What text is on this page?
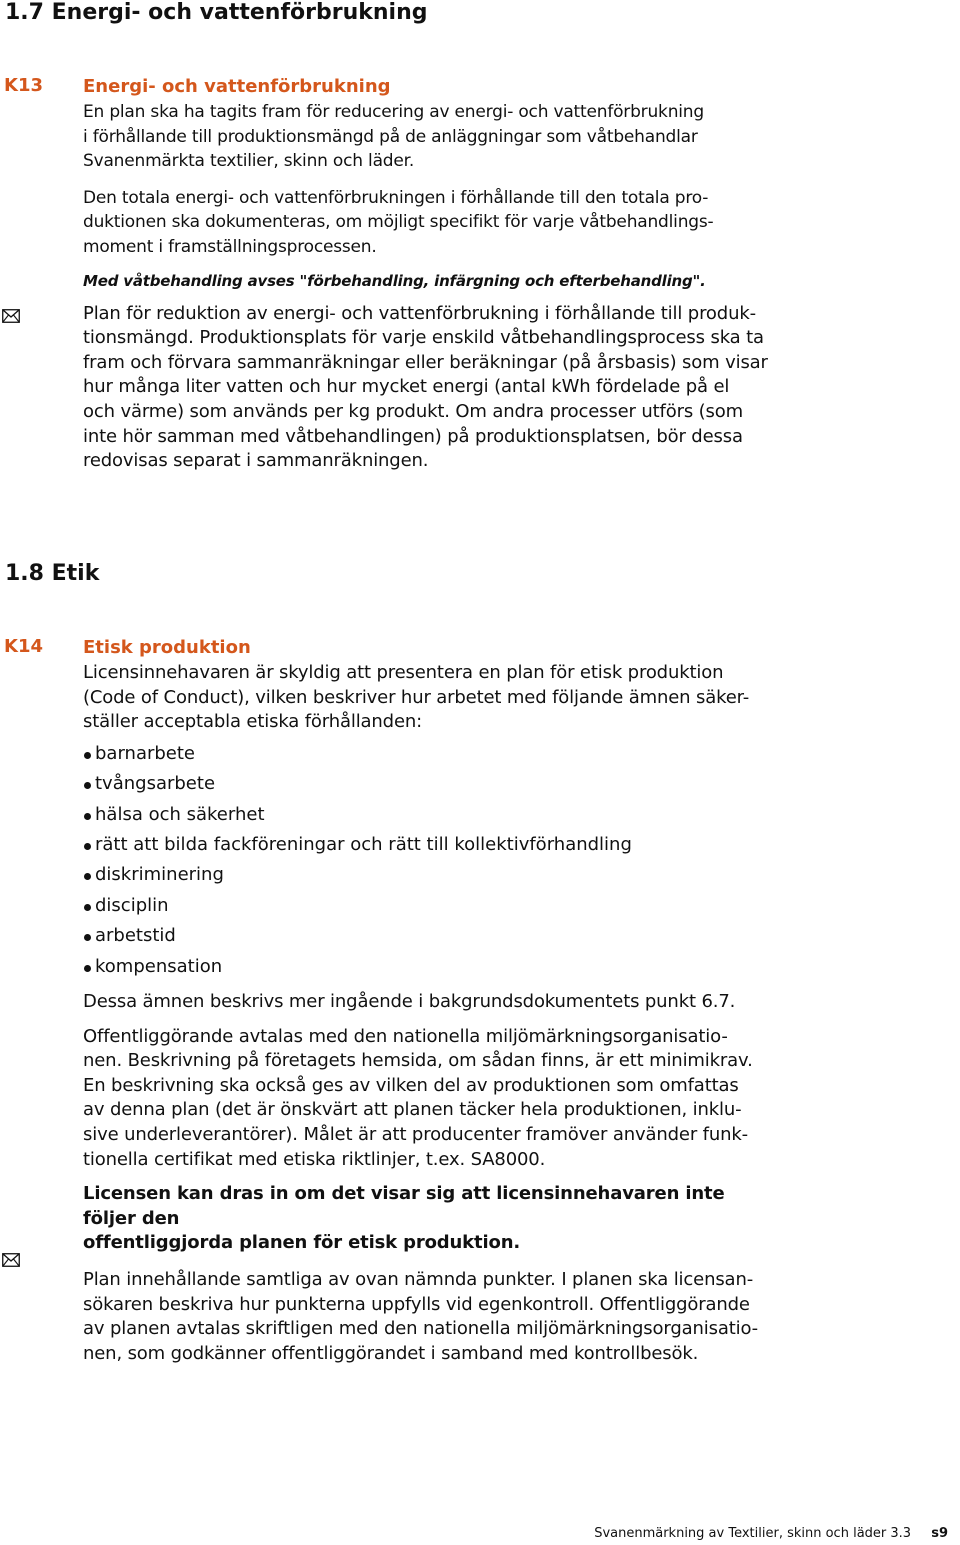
1.7 Energi- och vattenförbrukning
K13 Energi- och vattenförbrukning

En plan ska ha tagits fram för reducering av energi- och vattenförbrukning
i förhållande till produktionsmängd på de anläggningar som våtbehandlar
Svanenmärkta textilier, skinn och läder.

Den totala energi- och vattenförbrukningen i förhållande till den totala pro-
duktionen ska dokumenteras, om möjligt specifikt för varje våtbehandlings-
moment i framställningsprocessen.

Med våtbehandling avses "förbehandling, infärgning och efterbehandling".

Plan för reduktion av energi- och vattenförbrukning i förhållande till produk-
tionsmängd. Produktionsplats för varje enskild våtbehandlingsprocess ska ta
fram och förvara sammanräkningar eller beräkningar (på årsbasis) som visar
hur många liter vatten och hur mycket energi (antal kWh fördelade på el
och värme) som används per kg produkt. Om andra processer utförs (som
inte hör samman med våtbehandlingen) på produktionsplatsen, bör dessa
redovisas separat i sammanräkningen.

1.8 Etik
K14 Etisk produktion

Licensinnehavaren är skyldig att presentera en plan för etisk produktion
(Code of Conduct), vilken beskriver hur arbetet med följande ämnen säker-
ställer acceptabla etiska förhållanden:

barnarbete
tvångsarbete
hälsa och säkerhet
rätt att bilda fackföreningar och rätt till kollektivförhandling
diskriminering
disciplin
arbetstid
kompensation

Dessa ämnen beskrivs mer ingående i bakgrundsdokumentets punkt 6.7.

Offentliggörande avtalas med den nationella miljömärkningsorganisatio-
nen. Beskrivning på företagets hemsida, om sådan finns, är ett minimikrav.
En beskrivning ska också ges av vilken del av produktionen som omfattas
av denna plan (det är önskvärt att planen täcker hela produktionen, inklu-
sive underleverantörer). Målet är att producenter framöver använder funk-
tionella certifikat med etiska riktlinjer, t.ex. SA8000.

Licensen kan dras in om det visar sig att licensinnehavaren inte följer den
offentliggjorda planen för etisk produktion.

Plan innehållande samtliga av ovan nämnda punkter. I planen ska licensan-
sökaren beskriva hur punkterna uppfylls vid egenkontroll. Offentliggörande
av planen avtalas skriftligen med den nationella miljömärkningsorganisatio-
nen, som godkänner offentliggörandet i samband med kontrollbesök.

Svanenmärkning av Textilier, skinn och läder 3.3 s9
